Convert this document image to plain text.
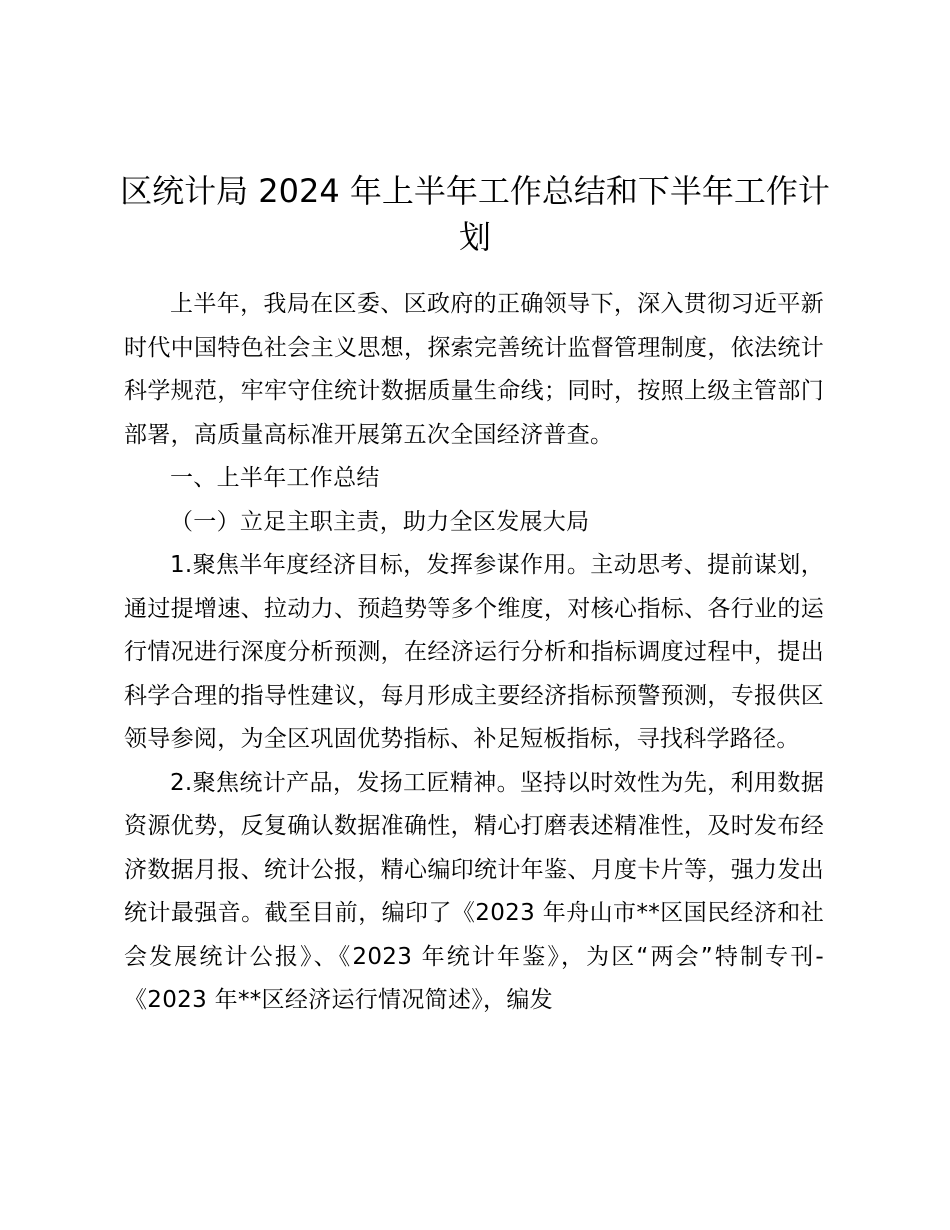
区统计局 2024 年上半年工作总结和下半年工作计划

上半年，我局在区委、区政府的正确领导下，深入贯彻习近平新时代中国特色社会主义思想，探索完善统计监督管理制度，依法统计科学规范，牢牢守住统计数据质量生命线；同时，按照上级主管部门部署，高质量高标准开展第五次全国经济普查。

一、上半年工作总结

（一）立足主职主责，助力全区发展大局

1.聚焦半年度经济目标，发挥参谋作用。主动思考、提前谋划，通过提增速、拉动力、预趋势等多个维度，对核心指标、各行业的运行情况进行深度分析预测，在经济运行分析和指标调度过程中，提出科学合理的指导性建议，每月形成主要经济指标预警预测，专报供区领导参阅，为全区巩固优势指标、补足短板指标，寻找科学路径。

2.聚焦统计产品，发扬工匠精神。坚持以时效性为先，利用数据资源优势，反复确认数据准确性，精心打磨表述精准性，及时发布经济数据月报、统计公报，精心编印统计年鉴、月度卡片等，强力发出统计最强音。截至目前，编印了《2023 年舟山市**区国民经济和社会发展统计公报》、《2023 年统计年鉴》，为区“两会”特制专刊-《2023 年**区经济运行情况简述》，编发
